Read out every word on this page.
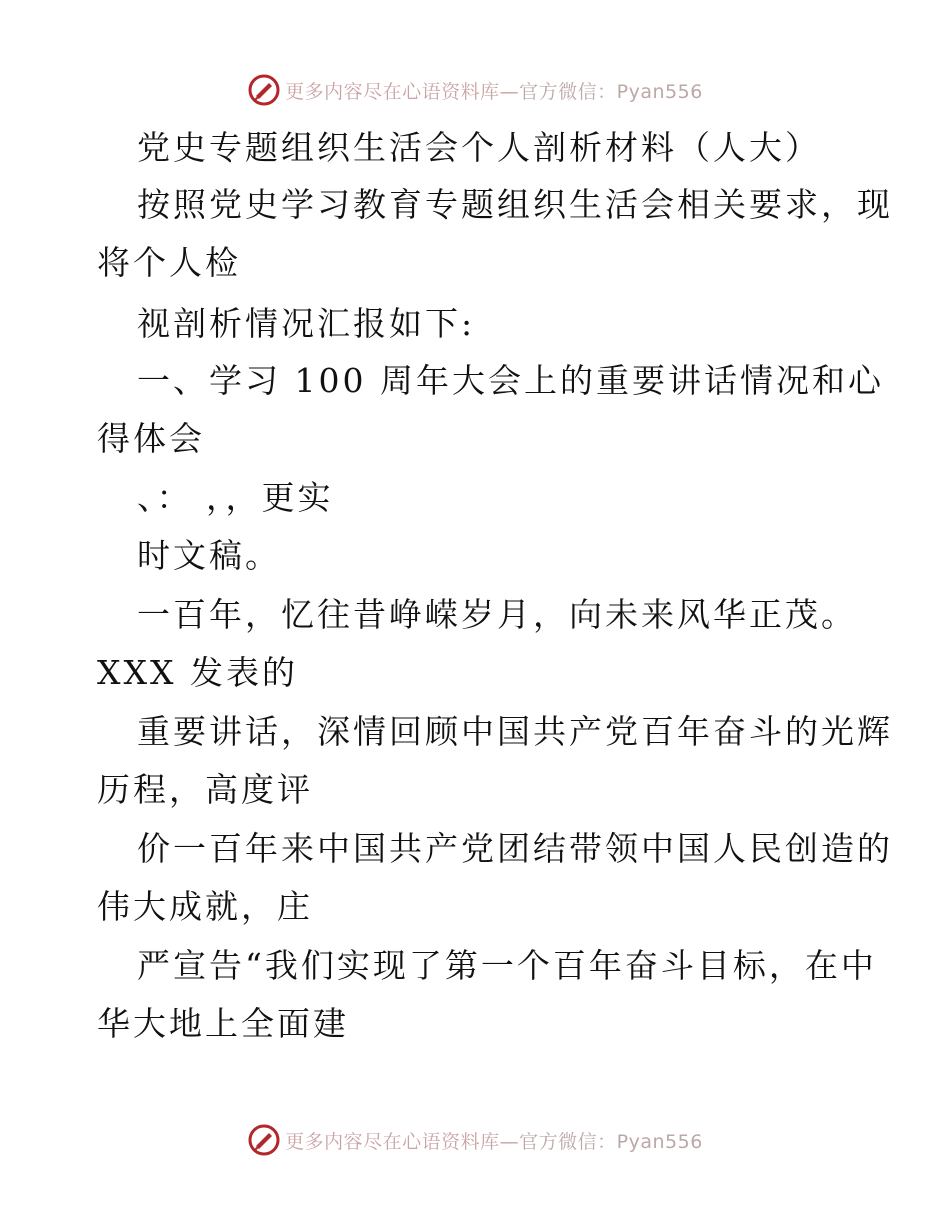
更多内容尽在心语资料库—官方微信：Pyan556
党史专题组织生活会个人剖析材料（人大）
按照党史学习教育专题组织生活会相关要求，现
将个人检
视剖析情况汇报如下:
一、学习 100 周年大会上的重要讲话情况和心
得体会
、： ，，更实
时文稿。
一百年，忆往昔峥嵘岁月，向未来风华正茂。
XXX 发表的
重要讲话，深情回顾中国共产党百年奋斗的光辉
历程，高度评
价一百年来中国共产党团结带领中国人民创造的
伟大成就，庄
严宣告“我们实现了第一个百年奋斗目标，在中
华大地上全面建
更多内容尽在心语资料库—官方微信：Pyan556
